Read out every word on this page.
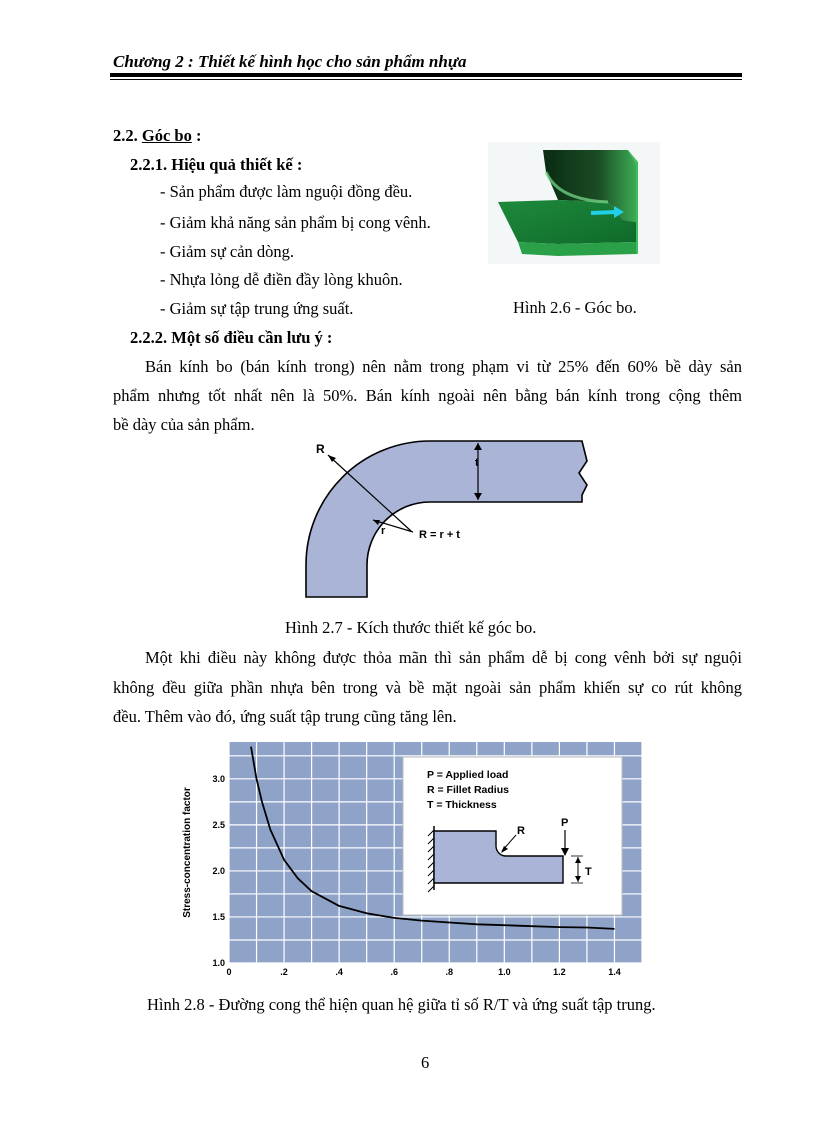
Chương 2 : Thiết kế hình học cho sản phẩm nhựa
2.2. Góc bo :
2.2.1. Hiệu quả thiết kế :
- Sản phẩm được làm nguội đồng đều.
- Giảm khả năng sản phẩm bị cong vênh.
- Giảm sự cản dòng.
- Nhựa lỏng dễ điền đầy lòng khuôn.
- Giảm sự tập trung ứng suất.	Hình 2.6 - Góc bo.
2.2.2. Một số điều cần lưu ý :
Bán kính bo (bán kính trong) nên nằm trong phạm vi từ 25% đến 60% bề dày sản
phẩm nhưng tốt nhất nên là 50%. Bán kính ngoài nên bằng bán kính trong cộng thêm
bề dày của sản phẩm.
t
R
r	R = r + t
Hình 2.7 - Kích thước thiết kế góc bo.
Một khi điều này không được thỏa mãn thì sản phẩm dễ bị cong vênh bởi sự nguội
không đều giữa phần nhựa bên trong và bề mặt ngoài sản phẩm khiến sự co rút không
đều. Thêm vào đó, ứng suất tập trung cũng tăng lên.
0	.2	.4	.6	.8	1.0	1.2	1.4
1.0
1.5
2.0
2.5
3.0
Stress-concentration factor
P = Applied load
R = Fillet Radius
T = Thickness
R
P
T
Hình 2.8 - Đường cong thể hiện quan hệ giữa tỉ số R/T và ứng suất tập trung.
6
